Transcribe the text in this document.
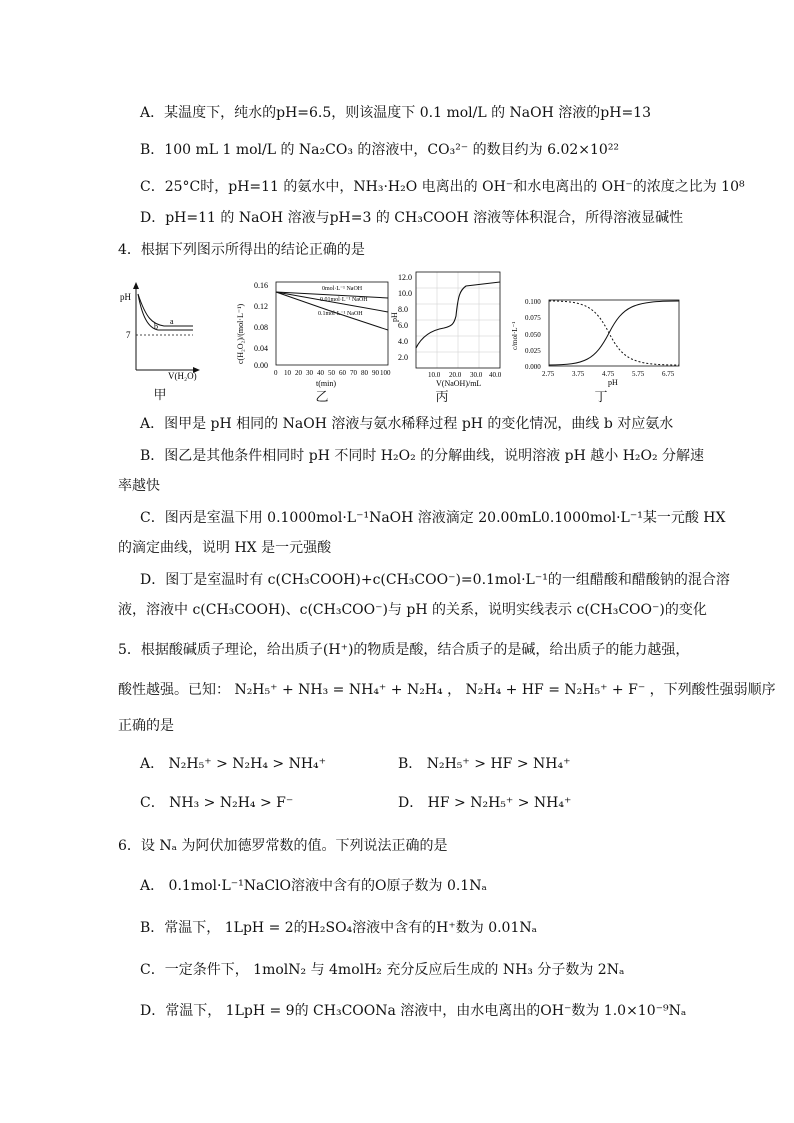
A．某温度下，纯水的pH=6.5，则该温度下 0.1 mol/L 的 NaOH 溶液的pH=13
B．100 mL 1 mol/L 的 Na₂CO₃ 的溶液中，CO₃²⁻ 的数目约为 6.02×10²²
C．25°C时，pH=11 的氨水中，NH₃·H₂O 电离出的 OH⁻和水电离出的 OH⁻的浓度之比为 10⁸
D．pH=11 的 NaOH 溶液与pH=3 的 CH₃COOH 溶液等体积混合，所得溶液显碱性
4．根据下列图示所得出的结论正确的是
pH
7
a
b
V(H₂O)
甲
0.16
0.12
0.08
0.04
0.00
0 10 20 30 40 50 60 70 80 90 100
0mol·L⁻¹ NaOH
0.01mol·L⁻¹ NaOH
0.1mol·L⁻¹ NaOH
t(min)
c(H₂O₂)/(mol·L⁻¹)
乙
12.0
10.0
8.0
6.0
4.0
2.0
10.0 20.0 30.0 40.0
V(NaOH)/mL
pH
丙
0.100
0.075
0.050
0.025
0.000
2.75	3.75	4.75	5.75	6.75
pH
c/mol·L⁻¹
丁
A．图甲是 pH 相同的 NaOH 溶液与氨水稀释过程 pH 的变化情况，曲线 b 对应氨水
B．图乙是其他条件相同时 pH 不同时 H₂O₂ 的分解曲线，说明溶液 pH 越小 H₂O₂ 分解速
率越快
C．图丙是室温下用 0.1000mol·L⁻¹NaOH 溶液滴定 20.00mL0.1000mol·L⁻¹某一元酸 HX
的滴定曲线，说明 HX 是一元强酸
D．图丁是室温时有 c(CH₃COOH)+c(CH₃COO⁻)=0.1mol·L⁻¹的一组醋酸和醋酸钠的混合溶
液，溶液中 c(CH₃COOH)、c(CH₃COO⁻)与 pH 的关系，说明实线表示 c(CH₃COO⁻)的变化
5．根据酸碱质子理论，给出质子(H⁺)的物质是酸，结合质子的是碱，给出质子的能力越强，
酸性越强。已知： N₂H₅⁺ + NH₃ = NH₄⁺ + N₂H₄ ， N₂H₄ + HF = N₂H₅⁺ + F⁻ ，下列酸性强弱顺序
正确的是
A． N₂H₅⁺ > N₂H₄ > NH₄⁺	B． N₂H₅⁺ > HF > NH₄⁺
C． NH₃ > N₂H₄ > F⁻	D． HF > N₂H₅⁺ > NH₄⁺
6．设 Nₐ 为阿伏加德罗常数的值。下列说法正确的是
A． 0.1mol·L⁻¹NaClO溶液中含有的O原子数为 0.1Nₐ
B．常温下， 1LpH = 2的H₂SO₄溶液中含有的H⁺数为 0.01Nₐ
C．一定条件下， 1molN₂ 与 4molH₂ 充分反应后生成的 NH₃ 分子数为 2Nₐ
D．常温下， 1LpH = 9的 CH₃COONa 溶液中，由水电离出的OH⁻数为 1.0×10⁻⁹Nₐ
